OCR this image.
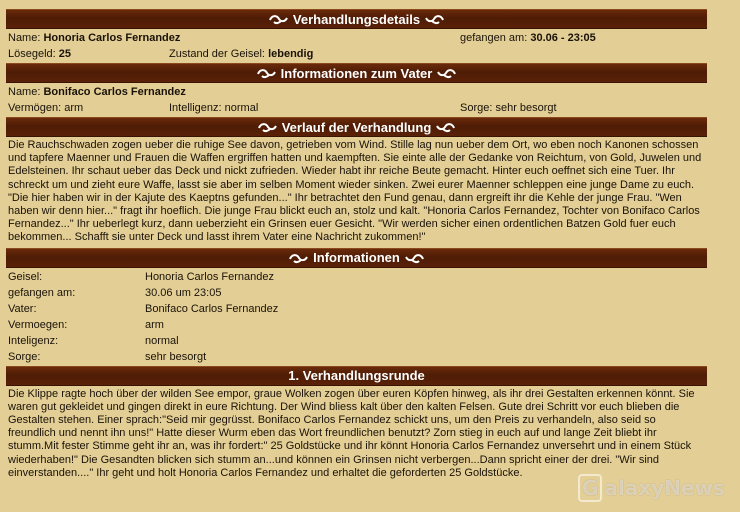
Verhandlungsdetails
Name: Honoria Carlos Fernandez	gefangen am: 30.06 - 23:05
Lösegeld: 25	Zustand der Geisel: lebendig
Informationen zum Vater
Name: Bonifaco Carlos Fernandez
Vermögen: arm	Intelligenz: normal	Sorge: sehr besorgt
Verlauf der Verhandlung
Die Rauchschwaden zogen ueber die ruhige See davon, getrieben vom Wind. Stille lag nun ueber dem Ort, wo eben noch Kanonen schossen und tapfere Maenner und Frauen die Waffen ergriffen hatten und kaempften. Sie einte alle der Gedanke von Reichtum, von Gold, Juwelen und Edelsteinen. Ihr schaut ueber das Deck und nickt zufrieden. Wieder habt ihr reiche Beute gemacht. Hinter euch oeffnet sich eine Tuer. Ihr schreckt um und zieht eure Waffe, lasst sie aber im selben Moment wieder sinken. Zwei eurer Maenner schleppen eine junge Dame zu euch. "Die hier haben wir in der Kajute des Kaeptns gefunden..." Ihr betrachtet den Fund genau, dann ergreift ihr die Kehle der junge Frau. "Wen haben wir denn hier..." fragt ihr hoeflich. Die junge Frau blickt euch an, stolz und kalt. "Honoria Carlos Fernandez, Tochter von Bonifaco Carlos Fernandez..." Ihr ueberlegt kurz, dann ueberzieht ein Grinsen euer Gesicht. "Wir werden sicher einen ordentlichen Batzen Gold fuer euch bekommen... Schafft sie unter Deck und lasst ihrem Vater eine Nachricht zukommen!"
Informationen
Geisel:	Honoria Carlos Fernandez
gefangen am:	30.06 um 23:05
Vater:	Bonifaco Carlos Fernandez
Vermoegen:	arm
Inteligenz:	normal
Sorge:	sehr besorgt
1. Verhandlungsrunde
Die Klippe ragte hoch über der wilden See empor, graue Wolken zogen über euren Köpfen hinweg, als ihr drei Gestalten erkennen könnt. Sie waren gut gekleidet und gingen direkt in eure Richtung. Der Wind bliess kalt über den kalten Felsen. Gute drei Schritt vor euch blieben die Gestalten stehen. Einer sprach:"Seid mir gegrüsst. Bonifaco Carlos Fernandez schickt uns, um den Preis zu verhandeln, also seid so freundlich und nennt ihn uns!" Hatte dieser Wurm eben das Wort freundlichen benutzt? Zorn stieg in euch auf und lange Zeit bliebt ihr stumm.Mit fester Stimme geht ihr an, was ihr fordert:" 25 Goldstücke und ihr könnt Honoria Carlos Fernandez unversehrt und in einem Stück wiederhaben!" Die Gesandten blicken sich stumm an...und können ein Grinsen nicht verbergen...Dann spricht einer der drei. "Wir sind einverstanden...." Ihr geht und holt Honoria Carlos Fernandez und erhaltet die geforderten 25 Goldstücke.
G alaxyNews
